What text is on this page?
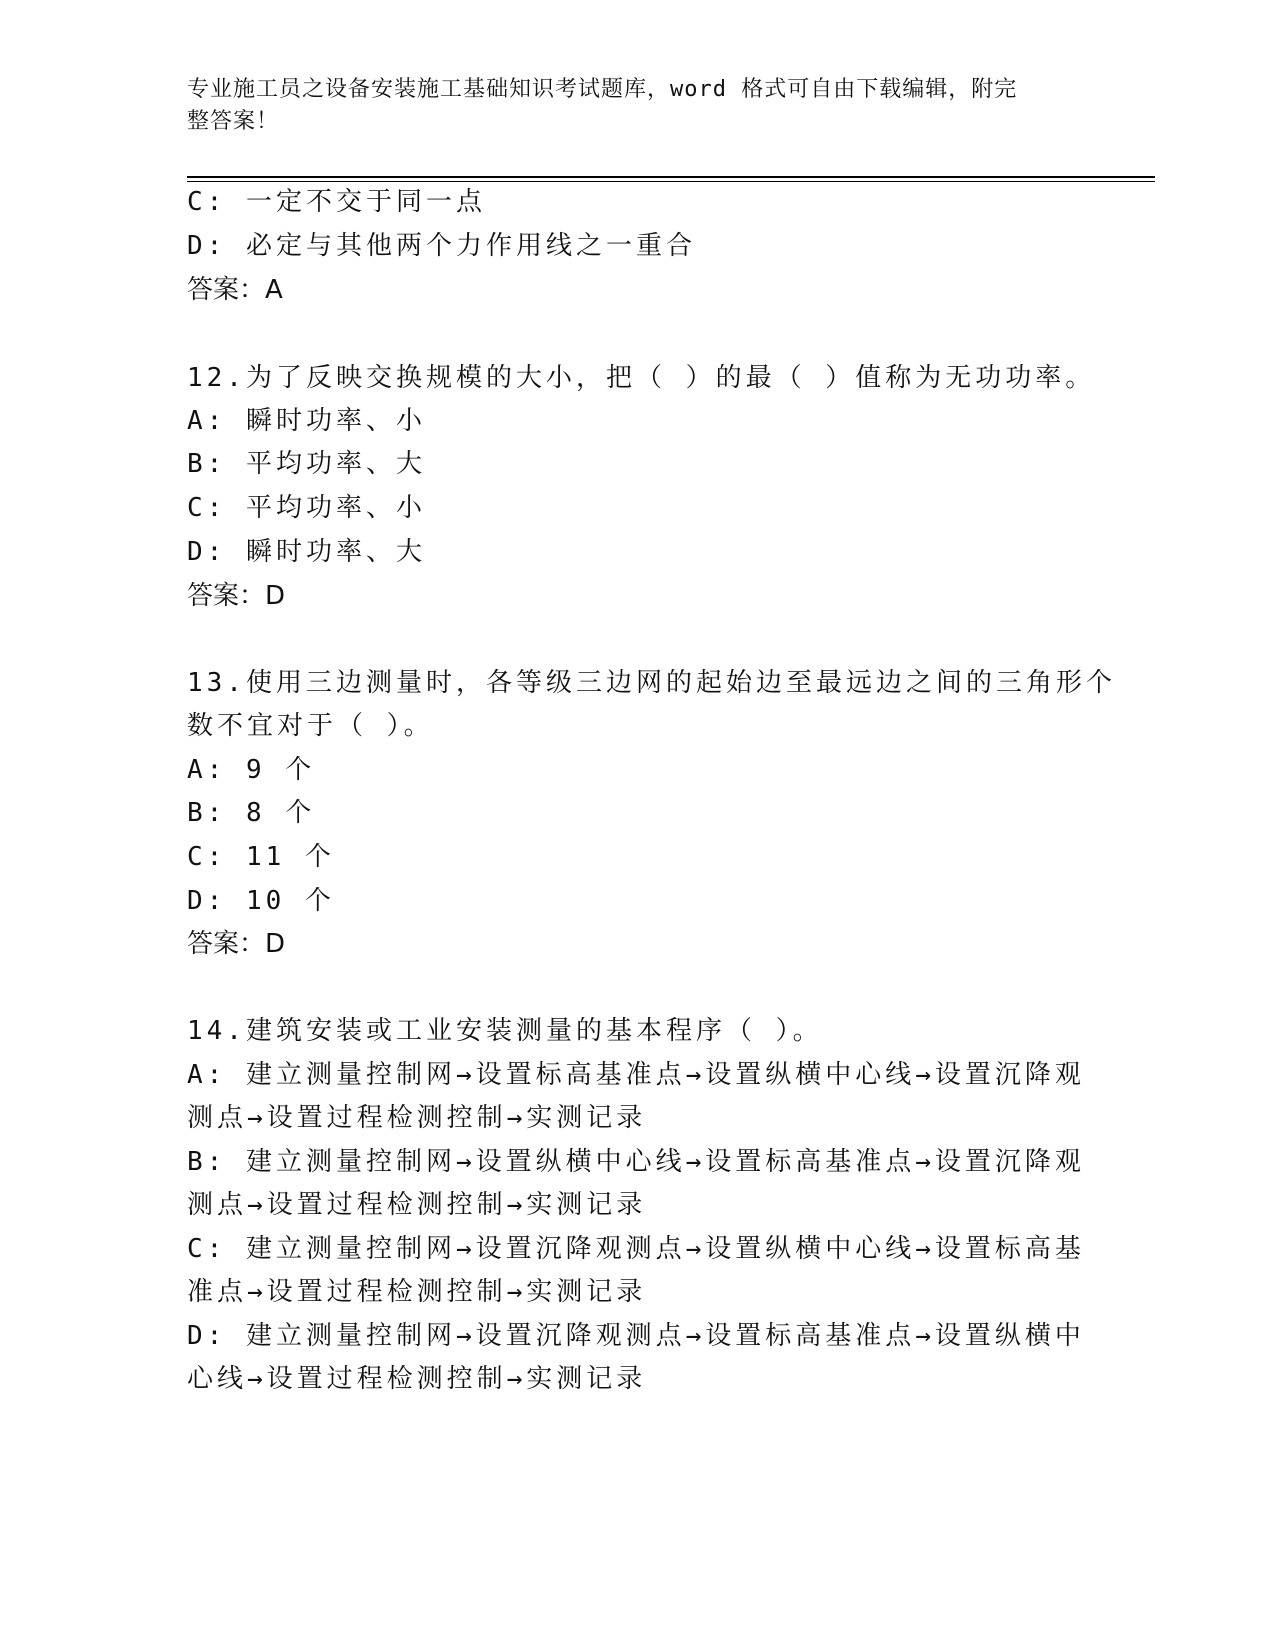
专业施工员之设备安装施工基础知识考试题库，word 格式可自由下载编辑，附完
整答案！
C: 一定不交于同一点
D: 必定与其他两个力作用线之一重合
答案：A
12.为了反映交换规模的大小，把（ ）的最（ ）值称为无功功率。
A: 瞬时功率、小
B: 平均功率、大
C: 平均功率、小
D: 瞬时功率、大
答案：D
13.使用三边测量时，各等级三边网的起始边至最远边之间的三角形个
数不宜对于（ ）。
A: 9 个
B: 8 个
C: 11 个
D: 10 个
答案：D
14.建筑安装或工业安装测量的基本程序（ ）。
A: 建立测量控制网→设置标高基准点→设置纵横中心线→设置沉降观
测点→设置过程检测控制→实测记录
B: 建立测量控制网→设置纵横中心线→设置标高基准点→设置沉降观
测点→设置过程检测控制→实测记录
C: 建立测量控制网→设置沉降观测点→设置纵横中心线→设置标高基
准点→设置过程检测控制→实测记录
D: 建立测量控制网→设置沉降观测点→设置标高基准点→设置纵横中
心线→设置过程检测控制→实测记录
